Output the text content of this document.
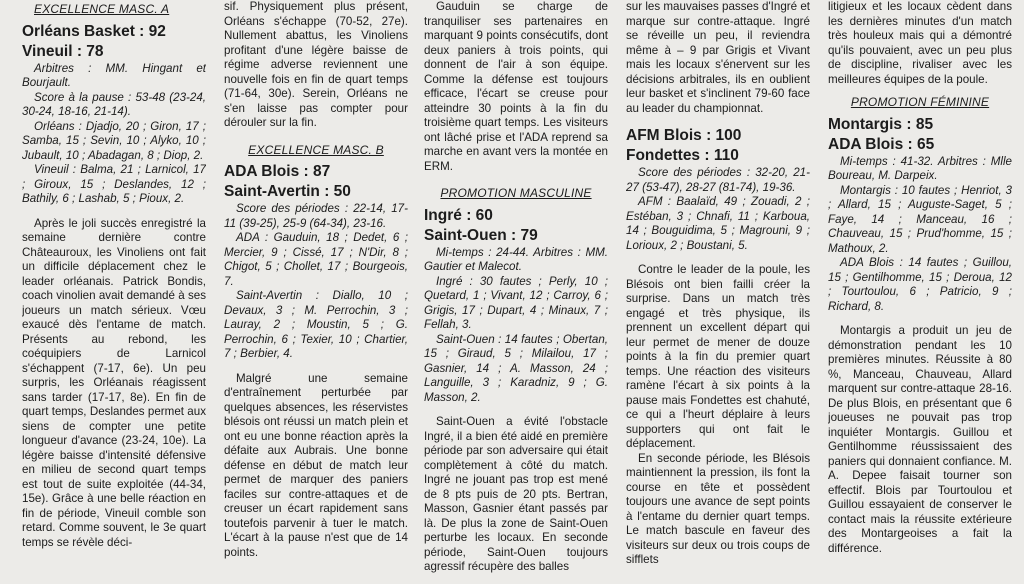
EXCELLENCE MASC. A

Orléans Basket : 92

Vineuil : 78

Arbitres : MM. Hingant et Bourjault.

Score à la pause : 53-48 (23-24, 30-24, 18-16, 21-14).

Orléans : Djadjo, 20 ; Giron, 17 ; Samba, 15 ; Sevin, 10 ; Alyko, 10 ; Jubault, 10 ; Abadagan, 8 ; Diop, 2.

Vineuil : Balma, 21 ; Larnicol, 17 ; Giroux, 15 ; Deslandes, 12 ; Bathily, 6 ; Lashab, 5 ; Pioux, 2.

Après le joli succès enregistré la semaine dernière contre Châteauroux, les Vinoliens ont fait un difficile déplacement chez le leader orléanais. Patrick Bondis, coach vinolien avait demandé à ses joueurs un match sérieux. Vœu exaucé dès l'entame de match. Présents au rebond, les coéquipiers de Larnicol s'échappent (7-17, 6e). Un peu surpris, les Orléanais réagissent sans tarder (17-17, 8e). En fin de quart temps, Deslandes permet aux siens de compter une petite longueur d'avance (23-24, 10e). La légère baisse d'intensité défensive en milieu de second quart temps est tout de suite exploitée (44-34, 15e). Grâce à une belle réaction en fin de période, Vineuil comble son retard. Comme souvent, le 3e quart temps se révèle déci-

sif. Physiquement plus présent, Orléans s'échappe (70-52, 27e). Nullement abattus, les Vinoliens profitant d'une légère baisse de régime adverse reviennent une nouvelle fois en fin de quart temps (71-64, 30e). Serein, Orléans ne s'en laisse pas compter pour dérouler sur la fin.

EXCELLENCE MASC. B

ADA Blois : 87

Saint-Avertin : 50

Score des périodes : 22-14, 17-11 (39-25), 25-9 (64-34), 23-16.

ADA : Gauduin, 18 ; Dedet, 6 ; Mercier, 9 ; Cissé, 17 ; N'Dir, 8 ; Chigot, 5 ; Chollet, 17 ; Bourgeois, 7.

Saint-Avertin : Diallo, 10 ; Devaux, 3 ; M. Perrochin, 3 ; Lauray, 2 ; Moustin, 5 ; G. Perrochin, 6 ; Texier, 10 ; Chartier, 7 ; Berbier, 4.

Malgré une semaine d'entraînement perturbée par quelques absences, les réservistes blésois ont réussi un match plein et ont eu une bonne réaction après la défaite aux Aubrais. Une bonne défense en début de match leur permet de marquer des paniers faciles sur contre-attaques et de creuser un écart rapidement sans toutefois parvenir à tuer le match. L'écart à la pause n'est que de 14 points.

Gauduin se charge de tranquiliser ses partenaires en marquant 9 points consécutifs, dont deux paniers à trois points, qui donnent de l'air à son équipe. Comme la défense est toujours efficace, l'écart se creuse pour atteindre 30 points à la fin du troisième quart temps. Les visiteurs ont lâché prise et l'ADA reprend sa marche en avant vers la montée en ERM.

PROMOTION MASCULINE

Ingré : 60

Saint-Ouen : 79

Mi-temps : 24-44. Arbitres : MM. Gautier et Malecot.

Ingré : 30 fautes ; Perly, 10 ; Quetard, 1 ; Vivant, 12 ; Carroy, 6 ; Grigis, 17 ; Dupart, 4 ; Minaux, 7 ; Fellah, 3.

Saint-Ouen : 14 fautes ; Obertan, 15 ; Giraud, 5 ; Milailou, 17 ; Gasnier, 14 ; A. Masson, 24 ; Languille, 3 ; Karadniz, 9 ; G. Masson, 2.

Saint-Ouen a évité l'obstacle Ingré, il a bien été aidé en première période par son adversaire qui était complètement à côté du match. Ingré ne jouant pas trop est mené de 8 pts puis de 20 pts. Bertran, Masson, Gasnier étant passés par là. De plus la zone de Saint-Ouen perturbe les locaux. En seconde période, Saint-Ouen toujours agressif récupère des balles

sur les mauvaises passes d'Ingré et marque sur contre-attaque. Ingré se réveille un peu, il reviendra même à – 9 par Grigis et Vivant mais les locaux s'énervent sur les décisions arbitrales, ils en oublient leur basket et s'inclinent 79-60 face au leader du championnat.

AFM Blois : 100

Fondettes : 110

Score des périodes : 32-20, 21-27 (53-47), 28-27 (81-74), 19-36.

AFM : Baalaïd, 49 ; Zouadi, 2 ; Estéban, 3 ; Chnafi, 11 ; Karboua, 14 ; Bouguidima, 5 ; Magrouni, 9 ; Lorioux, 2 ; Boustani, 5.

Contre le leader de la poule, les Blésois ont bien failli créer la surprise. Dans un match très engagé et très physique, ils prennent un excellent départ qui leur permet de mener de douze points à la fin du premier quart temps. Une réaction des visiteurs ramène l'écart à six points à la pause mais Fondettes est chahuté, ce qui a l'heurt déplaire à leurs supporters qui ont fait le déplacement.

En seconde période, les Blésois maintiennent la pression, ils font la course en tête et possèdent toujours une avance de sept points à l'entame du dernier quart temps. Le match bascule en faveur des visiteurs sur deux ou trois coups de sifflets

litigieux et les locaux cèdent dans les dernières minutes d'un match très houleux mais qui a démontré qu'ils pouvaient, avec un peu plus de discipline, rivaliser avec les meilleures équipes de la poule.

PROMOTION FÉMININE

Montargis : 85

ADA Blois : 65

Mi-temps : 41-32. Arbitres : Mlle Boureau, M. Darpeix.

Montargis : 10 fautes ; Henriot, 3 ; Allard, 15 ; Auguste-Saget, 5 ; Faye, 14 ; Manceau, 16 ; Chauveau, 15 ; Prud'homme, 15 ; Mathoux, 2.

ADA Blois : 14 fautes ; Guillou, 15 ; Gentilhomme, 15 ; Deroua, 12 ; Tourtoulou, 6 ; Patricio, 9 ; Richard, 8.

Montargis a produit un jeu de démonstration pendant les 10 premières minutes. Réussite à 80 %, Manceau, Chauveau, Allard marquent sur contre-attaque 28-16. De plus Blois, en présentant que 6 joueuses ne pouvait pas trop inquiéter Montargis. Guillou et Gentilhomme réussissaient des paniers qui donnaient confiance. M. A. Depee faisait tourner son effectif. Blois par Tourtoulou et Guillou essayaient de conserver le contact mais la réussite extérieure des Montargeoises a fait la différence.
